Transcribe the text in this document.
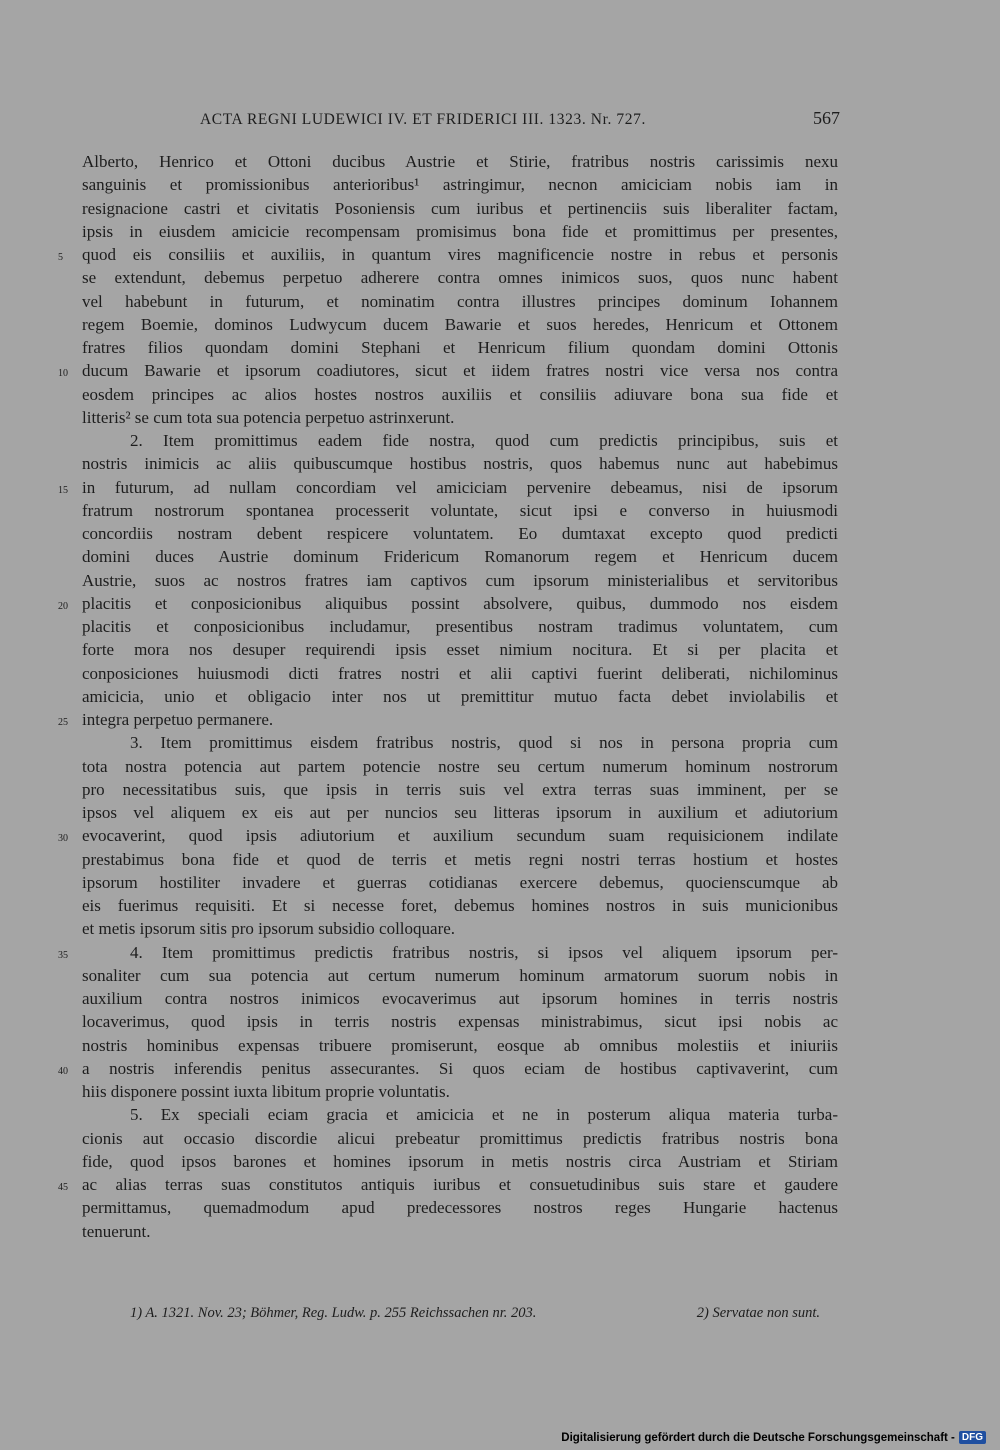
ACTA REGNI LUDEWICI IV. ET FRIDERICI III. 1323. Nr. 727.	567
Alberto, Henrico et Ottoni ducibus Austrie et Stirie, fratribus nostris carissimis nexu
sanguinis et promissionibus anterioribus¹ astringimur, necnon amiciciam nobis iam in
resignacione castri et civitatis Posoniensis cum iuribus et pertinenciis suis liberaliter factam,
ipsis in eiusdem amicicie recompensam promisimus bona fide et promittimus per presentes,
5	quod eis consiliis et auxiliis, in quantum vires magnificencie nostre in rebus et personis
se extendunt, debemus perpetuo adherere contra omnes inimicos suos, quos nunc habent
vel habebunt in futurum, et nominatim contra illustres principes dominum Iohannem
regem Boemie, dominos Ludwycum ducem Bawarie et suos heredes, Henricum et Ottonem
fratres filios quondam domini Stephani et Henricum filium quondam domini Ottonis
10 ducum Bawarie et ipsorum coadiutores, sicut et iidem fratres nostri vice versa nos contra
eosdem principes ac alios hostes nostros auxiliis et consiliis adiuvare bona sua fide et
litteris² se cum tota sua potencia perpetuo astrinxerunt.
2. Item promittimus eadem fide nostra, quod cum predictis principibus, suis et
nostris inimicis ac aliis quibuscumque hostibus nostris, quos habemus nunc aut habebimus
15 in futurum, ad nullam concordiam vel amiciciam pervenire debeamus, nisi de ipsorum
fratrum nostrorum spontanea processerit voluntate, sicut ipsi e converso in huiusmodi
concordiis nostram debent respicere voluntatem. Eo dumtaxat excepto quod predicti
domini duces Austrie dominum Fridericum Romanorum regem et Henricum ducem
Austrie, suos ac nostros fratres iam captivos cum ipsorum ministerialibus et servitoribus
20 placitis et conposicionibus aliquibus possint absolvere, quibus, dummodo nos eisdem
placitis et conposicionibus includamur, presentibus nostram tradimus voluntatem, cum
forte mora nos desuper requirendi ipsis esset nimium nocitura. Et si per placita et
conposiciones huiusmodi dicti fratres nostri et alii captivi fuerint deliberati, nichilominus
amicicia, unio et obligacio inter nos ut premittitur mutuo facta debet inviolabilis et
25 integra perpetuo permanere.
3. Item promittimus eisdem fratribus nostris, quod si nos in persona propria cum
tota nostra potencia aut partem potencie nostre seu certum numerum hominum nostrorum
pro necessitatibus suis, que ipsis in terris suis vel extra terras suas imminent, per se
ipsos vel aliquem ex eis aut per nuncios seu litteras ipsorum in auxilium et adiutorium
30 evocaverint, quod ipsis adiutorium et auxilium secundum suam requisicionem indilate
prestabimus bona fide et quod de terris et metis regni nostri terras hostium et hostes
ipsorum hostiliter invadere et guerras cotidianas exercere debemus, quocienscumque ab
eis fuerimus requisiti. Et si necesse foret, debemus homines nostros in suis municionibus
et metis ipsorum sitis pro ipsorum subsidio colloquare.
35	4. Item promittimus predictis fratribus nostris, si ipsos vel aliquem ipsorum per-
sonaliter cum sua potencia aut certum numerum hominum armatorum suorum nobis in
auxilium contra nostros inimicos evocaverimus aut ipsorum homines in terris nostris
locaverimus, quod ipsis in terris nostris expensas ministrabimus, sicut ipsi nobis ac
nostris hominibus expensas tribuere promiserunt, eosque ab omnibus molestiis et iniuriis
40 a nostris inferendis penitus assecurantes. Si quos eciam de hostibus captivaverint, cum
hiis disponere possint iuxta libitum proprie voluntatis.
5. Ex speciali eciam gracia et amicicia et ne in posterum aliqua materia turba-
cionis aut occasio discordie alicui prebeatur promittimus predictis fratribus nostris bona
fide, quod ipsos barones et homines ipsorum in metis nostris circa Austriam et Stiriam
45 ac alias terras suas constitutos antiquis iuribus et consuetudinibus suis stare et gaudere
permittamus, quemadmodum apud predecessores nostros reges Hungarie hactenus
tenuerunt.
1) A. 1321. Nov. 23; Böhmer, Reg. Ludw. p. 255 Reichssachen nr. 203.	2) Servatae non sunt.
Digitalisierung gefördert durch die Deutsche Forschungsgemeinschaft - DFG
